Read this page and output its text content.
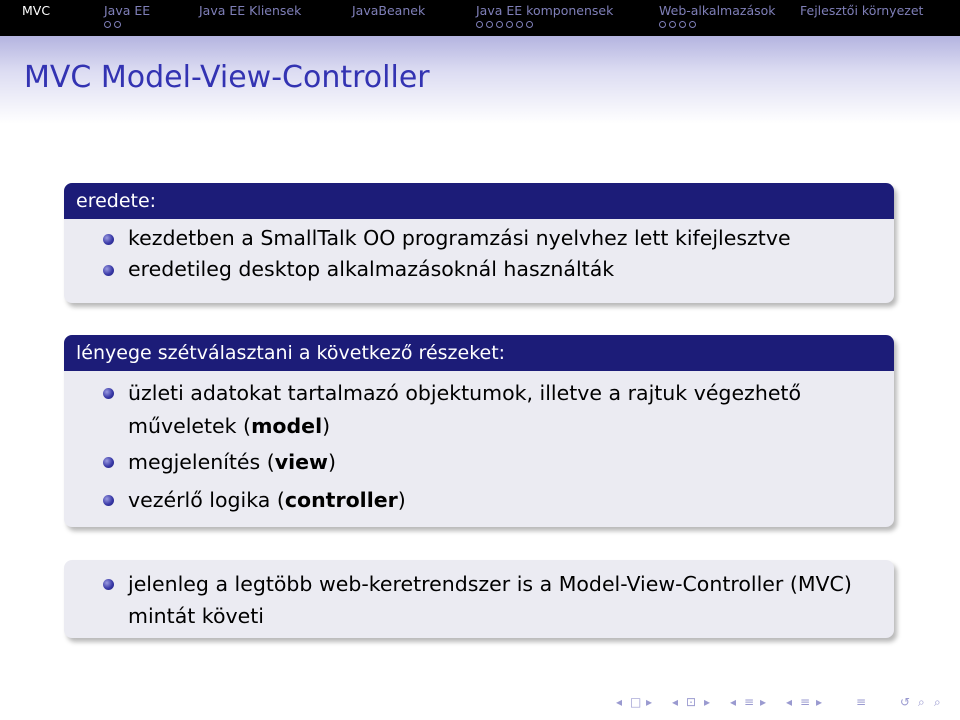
MVC	Java EE	Java EE Kliensek	JavaBeanek	Java EE komponensek	Web-alkalmazások Fejlesztői környezet
MVC Model-View-Controller
eredete:
kezdetben a SmallTalk OO programzási nyelvhez lett kifejlesztve
eredetileg desktop alkalmazásoknál használták
lényege szétválasztani a következő részeket:
üzleti adatokat tartalmazó objektumok, illetve a rajtuk végezhető műveletek (model)
megjelenítés (view)
vezérlő logika (controller)
jelenleg a legtöbb web-keretrendszer is a Model-View-Controller (MVC) mintát követi
◂ □ ▸ ◂ ⊡ ▸ ◂ ≡ ▸ ◂ ≡ ▸	≡	↺ ⌕ ⌕
